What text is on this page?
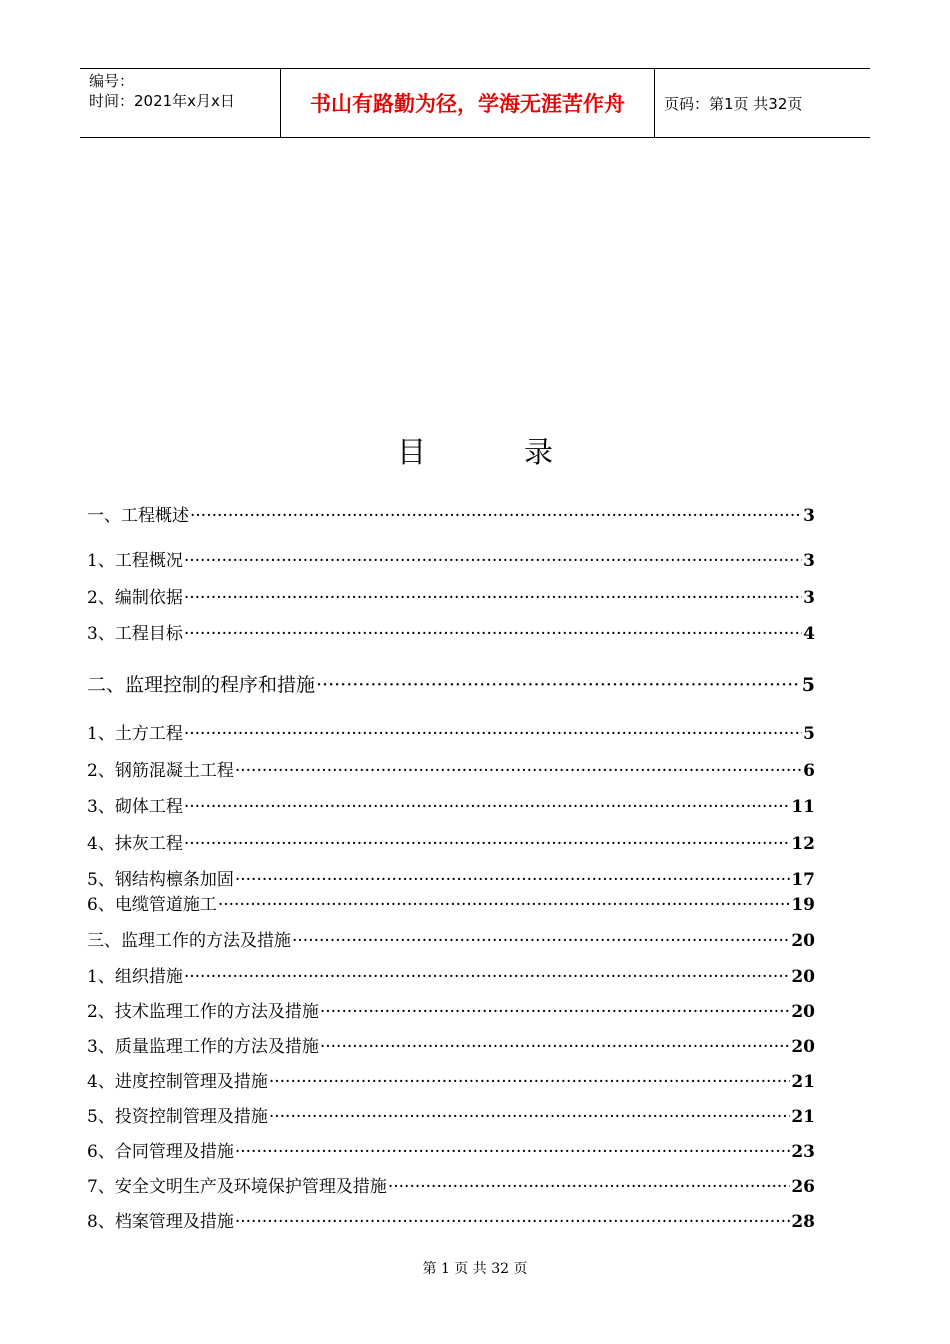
编号：
时间：2021年x月x日	书山有路勤为径，学海无涯苦作舟	页码：第1页 共32页
目	录
一、工程概述 ·····	3
1、工程概况 ·····	3
2、编制依据 ·····	3
3、工程目标 ·····	4
二、监理控制的程序和措施 ·····	5
1、土方工程 ·····	5
2、钢筋混凝土工程 ·····	6
3、砌体工程 ·····	11
4、抹灰工程 ·····	12
5、钢结构檩条加固 ·····	17
6、电缆管道施工 ·····	19
三、监理工作的方法及措施 ·····	20
1、组织措施 ·····	20
2、技术监理工作的方法及措施 ·····	20
3、质量监理工作的方法及措施 ·····	20
4、进度控制管理及措施 ·····	21
5、投资控制管理及措施 ·····	21
6、合同管理及措施 ·····	23
7、安全文明生产及环境保护管理及措施 ·····	26
8、档案管理及措施 ·····	28
第 1 页 共 32 页
